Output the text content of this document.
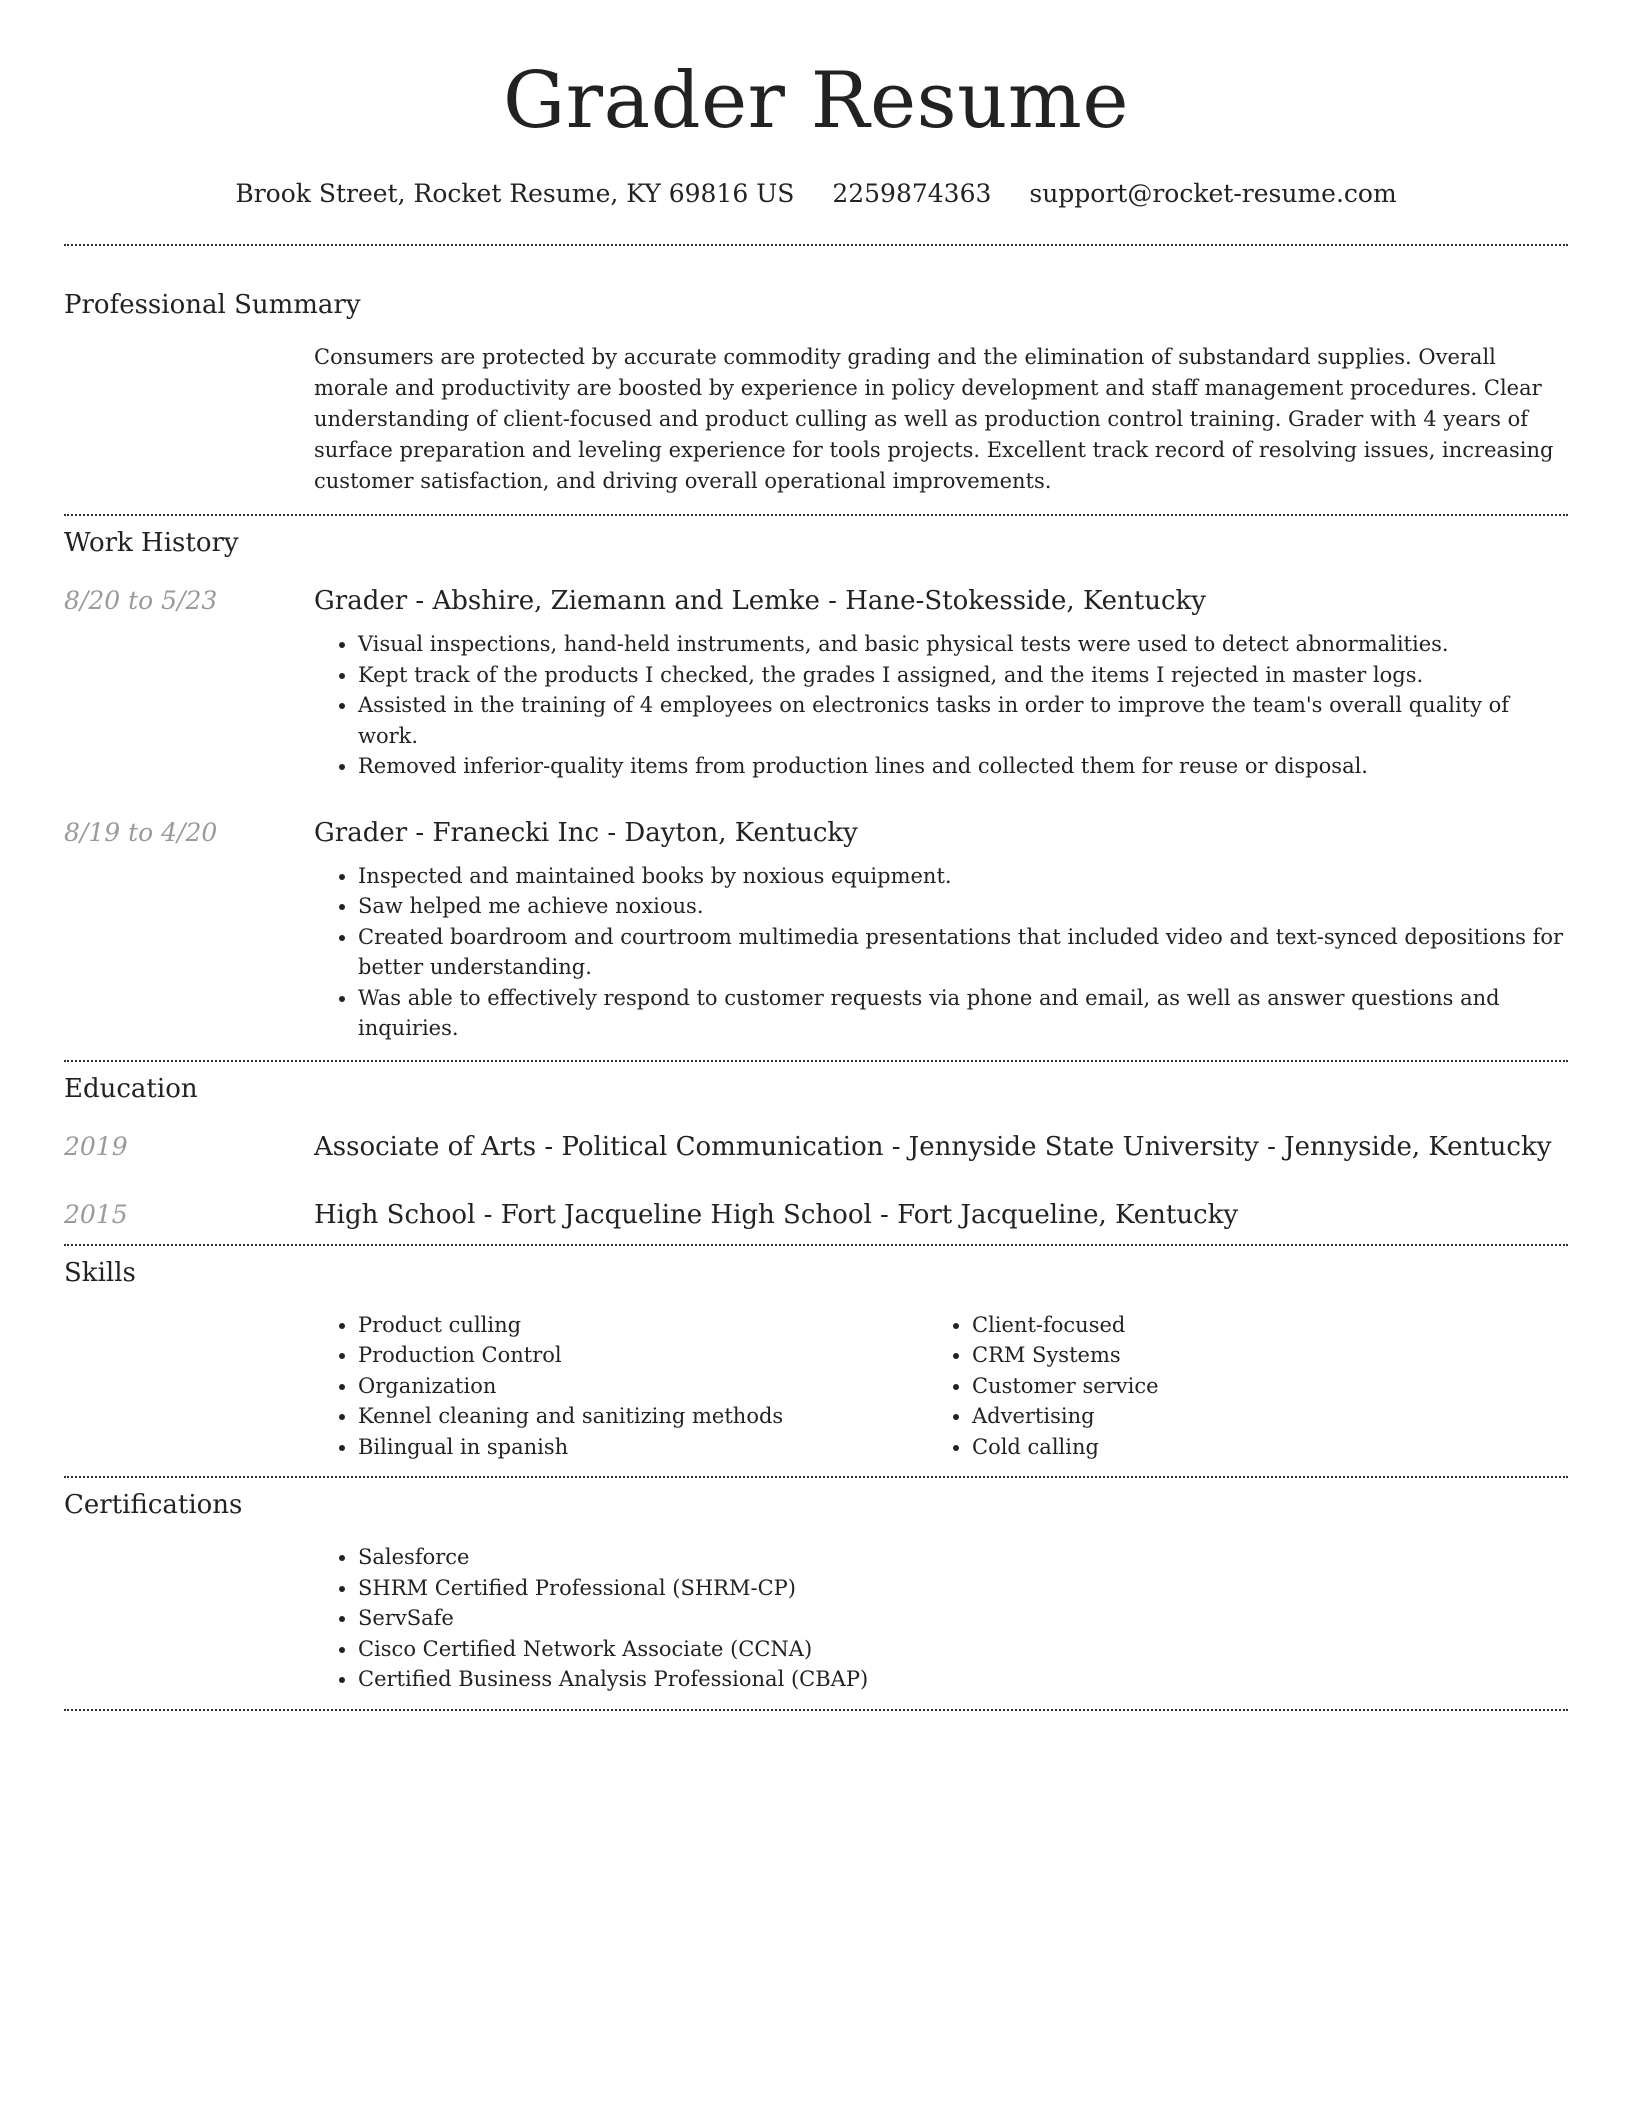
Grader Resume
Brook Street, Rocket Resume, KY 69816 US 2259874363 support@rocket-resume.com
Professional Summary
Consumers are protected by accurate commodity grading and the elimination of substandard supplies. Overall morale and productivity are boosted by experience in policy development and staff management procedures. Clear understanding of client-focused and product culling as well as production control training. Grader with 4 years of surface preparation and leveling experience for tools projects. Excellent track record of resolving issues, increasing customer satisfaction, and driving overall operational improvements.
Work History
8/20 to 5/23	Grader - Abshire, Ziemann and Lemke - Hane-Stokesside, Kentucky
• Visual inspections, hand-held instruments, and basic physical tests were used to detect abnormalities.
• Kept track of the products I checked, the grades I assigned, and the items I rejected in master logs.
• Assisted in the training of 4 employees on electronics tasks in order to improve the team's overall quality of work.
• Removed inferior-quality items from production lines and collected them for reuse or disposal.
8/19 to 4/20	Grader - Franecki Inc - Dayton, Kentucky
• Inspected and maintained books by noxious equipment.
• Saw helped me achieve noxious.
• Created boardroom and courtroom multimedia presentations that included video and text-synced depositions for better understanding.
• Was able to effectively respond to customer requests via phone and email, as well as answer questions and inquiries.
Education
2019	Associate of Arts - Political Communication - Jennyside State University - Jennyside, Kentucky
2015	High School - Fort Jacqueline High School - Fort Jacqueline, Kentucky
Skills
• Product culling
• Production Control
• Organization
• Kennel cleaning and sanitizing methods
• Bilingual in spanish
• Client-focused
• CRM Systems
• Customer service
• Advertising
• Cold calling
Certifications
• Salesforce
• SHRM Certified Professional (SHRM-CP)
• ServSafe
• Cisco Certified Network Associate (CCNA)
• Certified Business Analysis Professional (CBAP)
